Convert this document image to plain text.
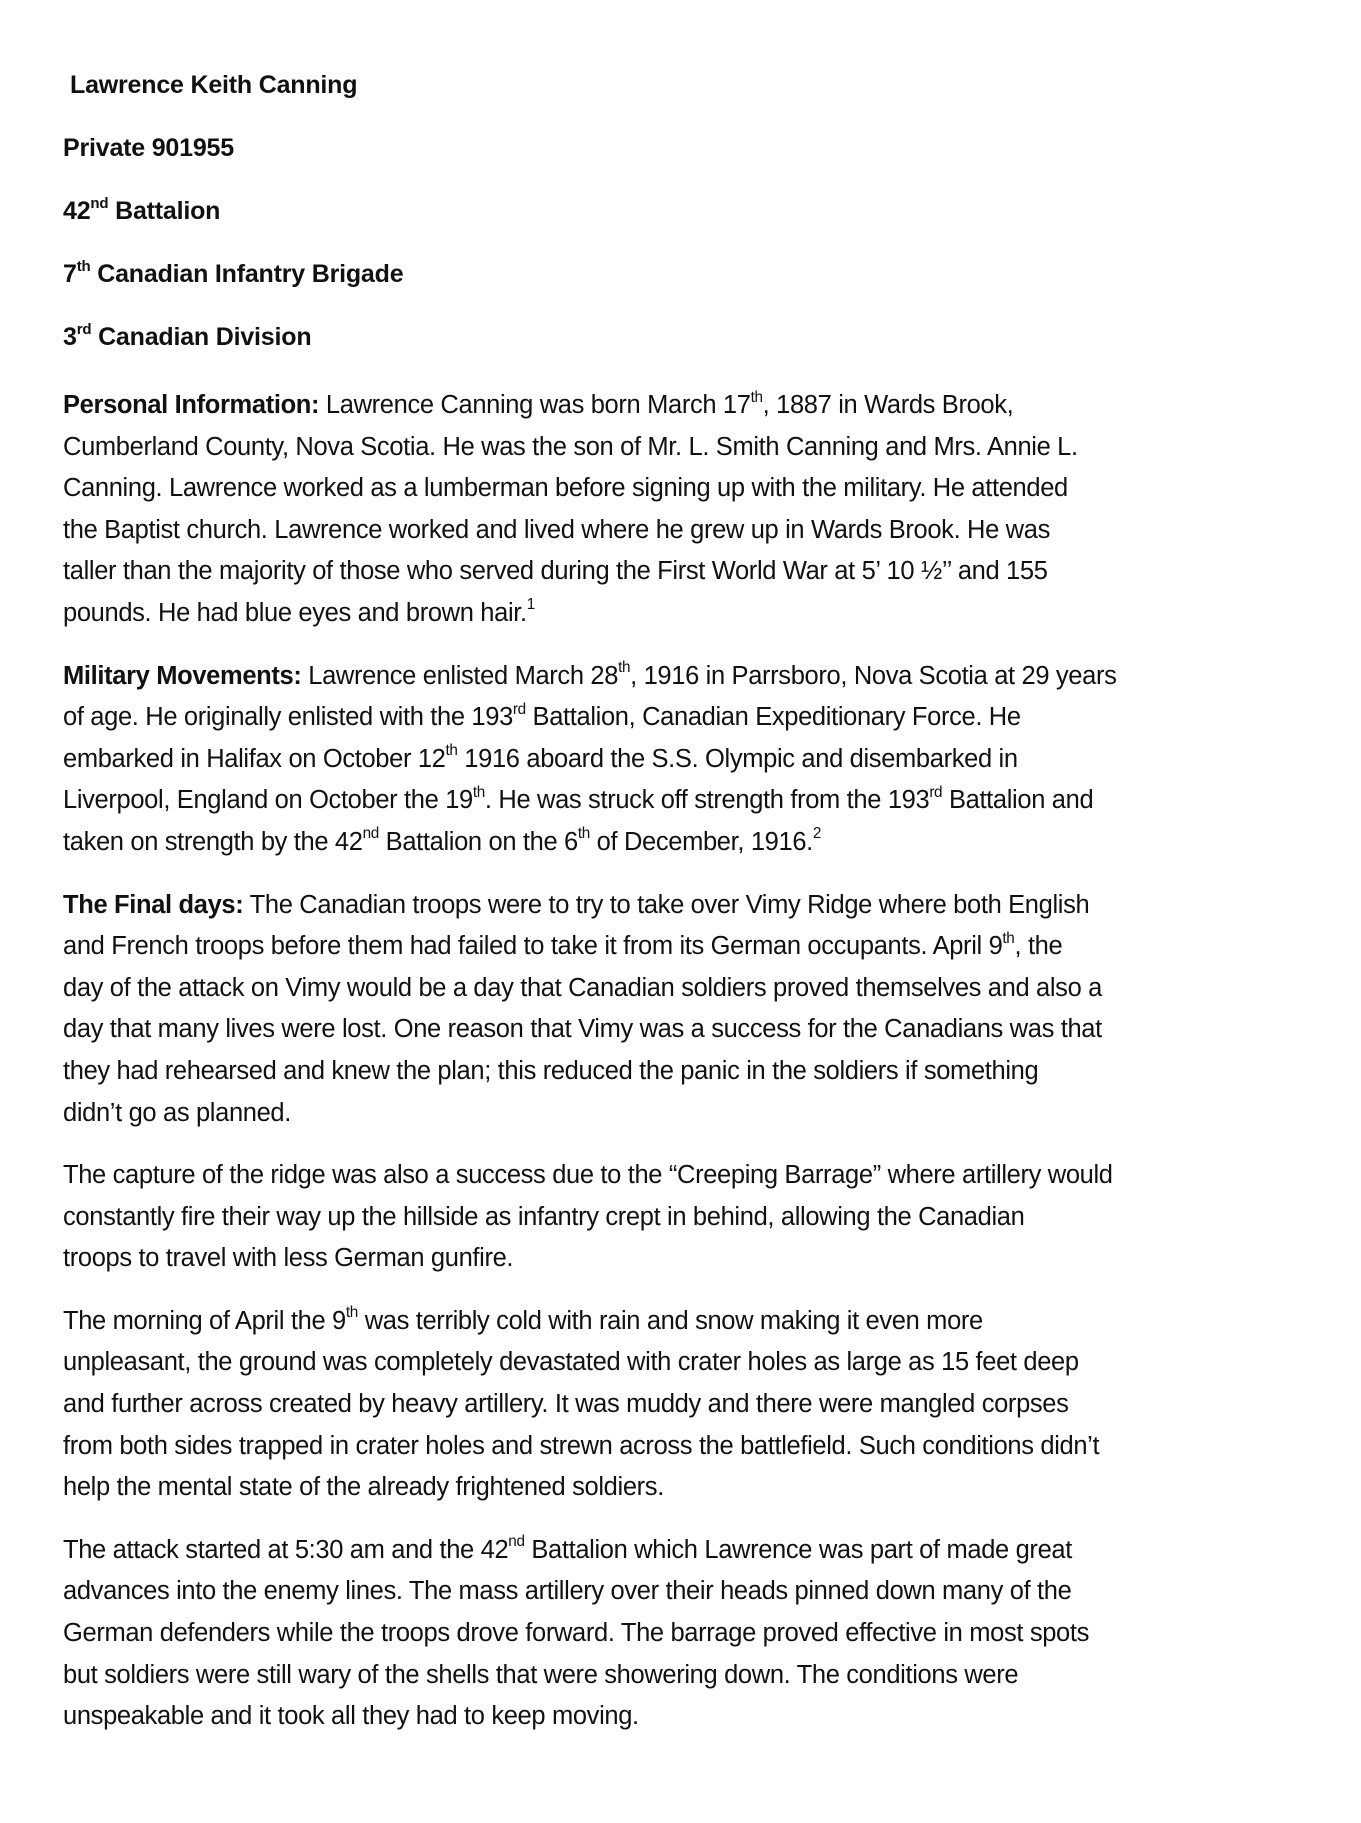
Lawrence Keith Canning
Private 901955
42nd Battalion
7th Canadian Infantry Brigade
3rd Canadian Division
Personal Information: Lawrence Canning was born March 17th, 1887 in Wards Brook,
Cumberland County, Nova Scotia. He was the son of Mr. L. Smith Canning and Mrs. Annie L.
Canning. Lawrence worked as a lumberman before signing up with the military. He attended
the Baptist church. Lawrence worked and lived where he grew up in Wards Brook. He was
taller than the majority of those who served during the First World War at 5’ 10 ½’’ and 155
pounds. He had blue eyes and brown hair.$^1$
Military Movements: Lawrence enlisted March 28th, 1916 in Parrsboro, Nova Scotia at 29 years
of age. He originally enlisted with the 193rd Battalion, Canadian Expeditionary Force. He
embarked in Halifax on October 12th 1916 aboard the S.S. Olympic and disembarked in
Liverpool, England on October the 19th. He was struck off strength from the 193rd Battalion and
taken on strength by the 42nd Battalion on the 6th of December, 1916.$^2$
The Final days: The Canadian troops were to try to take over Vimy Ridge where both English
and French troops before them had failed to take it from its German occupants. April 9th, the
day of the attack on Vimy would be a day that Canadian soldiers proved themselves and also a
day that many lives were lost. One reason that Vimy was a success for the Canadians was that
they had rehearsed and knew the plan; this reduced the panic in the soldiers if something
didn’t go as planned.
The capture of the ridge was also a success due to the “Creeping Barrage” where artillery would
constantly fire their way up the hillside as infantry crept in behind, allowing the Canadian
troops to travel with less German gunfire.
The morning of April the 9th was terribly cold with rain and snow making it even more
unpleasant, the ground was completely devastated with crater holes as large as 15 feet deep
and further across created by heavy artillery. It was muddy and there were mangled corpses
from both sides trapped in crater holes and strewn across the battlefield. Such conditions didn’t
help the mental state of the already frightened soldiers.
The attack started at 5:30 am and the 42nd Battalion which Lawrence was part of made great
advances into the enemy lines. The mass artillery over their heads pinned down many of the
German defenders while the troops drove forward. The barrage proved effective in most spots
but soldiers were still wary of the shells that were showering down. The conditions were
unspeakable and it took all they had to keep moving.
